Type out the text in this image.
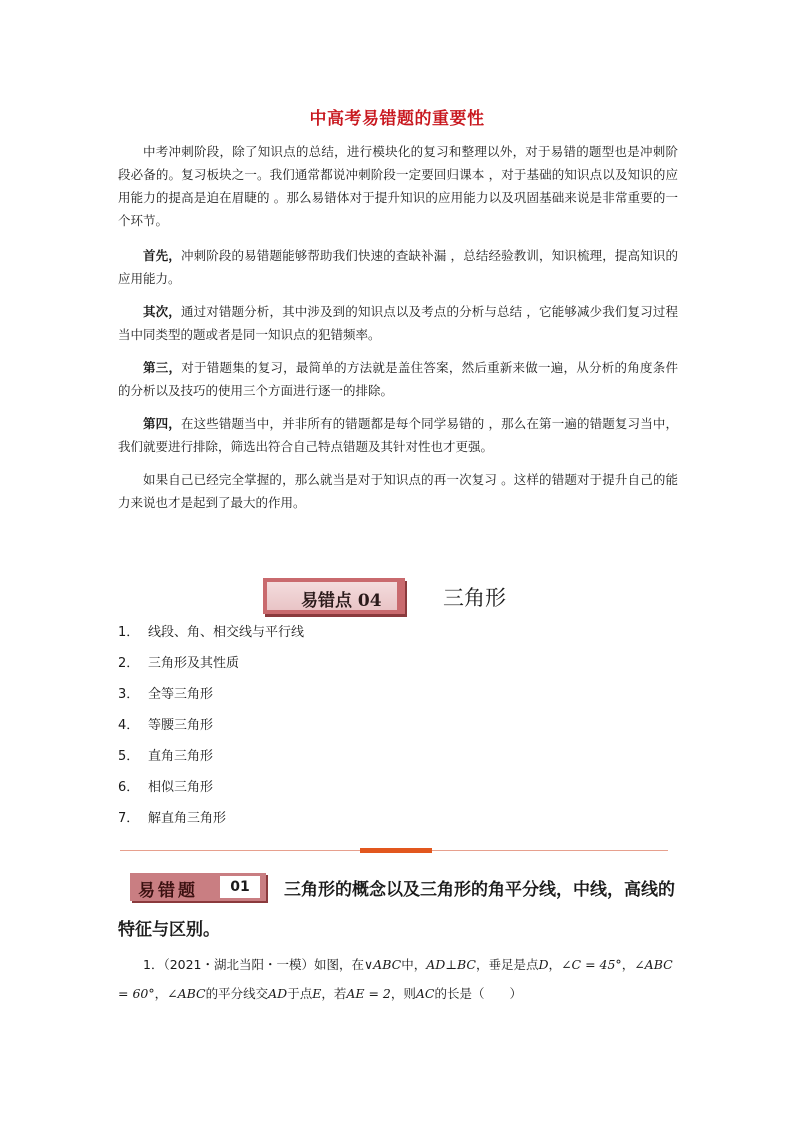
中高考易错题的重要性

中考冲刺阶段，除了知识点的总结，进行模块化的复习和整理以外，对于易错的题型也是冲刺阶段必备的。复习板块之一。我们通常都说冲刺阶段一定要回归课本 ，对于基础的知识点以及知识的应用能力的提高是迫在眉睫的 。那么易错体对于提升知识的应用能力以及巩固基础来说是非常重要的一个环节。

首先，冲刺阶段的易错题能够帮助我们快速的查缺补漏 ，总结经验教训，知识梳理，提高知识的应用能力。

其次，通过对错题分析，其中涉及到的知识点以及考点的分析与总结 ，它能够减少我们复习过程当中同类型的题或者是同一知识点的犯错频率。

第三，对于错题集的复习，最简单的方法就是盖住答案，然后重新来做一遍，从分析的角度条件的分析以及技巧的使用三个方面进行逐一的排除。

第四，在这些错题当中，并非所有的错题都是每个同学易错的 ，那么在第一遍的错题复习当中，我们就要进行排除，筛选出符合自己特点错题及其针对性也才更强。

如果自己已经完全掌握的，那么就当是对于知识点的再一次复习 。这样的错题对于提升自己的能力来说也才是起到了最大的作用。

易错点 04	三角形
1． 线段、角、相交线与平行线
2． 三角形及其性质
3． 全等三角形
4． 等腰三角形
5． 直角三角形
6． 相似三角形
7． 解直角三角形
三角形的概念以及三角形的角平分线，中线，高线的特征与区别。
易错题	01
1．（2021・湖北当阳・一模）如图，在∨ABC中，AD⊥BC，垂足是点D，∠C = 45°，∠ABC = 60°，∠ABC的平分线交AD于点E，若AE = 2，则AC的长是（　　）
